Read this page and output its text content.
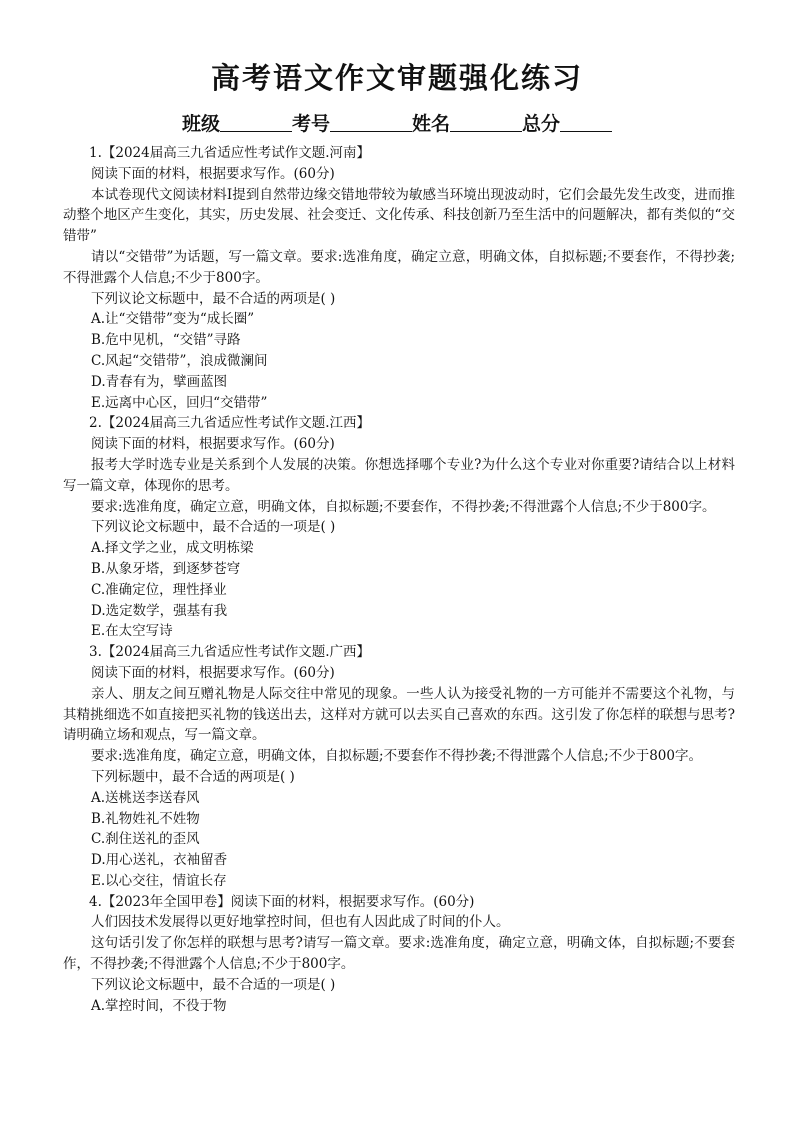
高考语文作文审题强化练习
班级	考号	姓名	总分
1.【2024届高三九省适应性考试作文题.河南】
阅读下面的材料，根据要求写作。(60分)
本试卷现代文阅读材料Ⅰ提到自然带边缘交错地带较为敏感当环境出现波动时，它们会最先发生改变，进而推动整个地区产生变化，其实，历史发展、社会变迁、文化传承、科技创新乃至生活中的问题解决，都有类似的“交错带”
请以“交错带”为话题，写一篇文章。要求:选准角度，确定立意，明确文体，自拟标题;不要套作，不得抄袭;不得泄露个人信息;不少于800字。
下列议论文标题中，最不合适的两项是( )
A.让“交错带”变为“成长圈”
B.危中见机，“交错”寻路
C.风起“交错带”，浪成微澜间
D.青春有为，擘画蓝图
E.远离中心区，回归“交错带”
2.【2024届高三九省适应性考试作文题.江西】
阅读下面的材料，根据要求写作。(60分)
报考大学时选专业是关系到个人发展的决策。你想选择哪个专业?为什么这个专业对你重要?请结合以上材料写一篇文章，体现你的思考。
要求:选准角度，确定立意，明确文体，自拟标题;不要套作，不得抄袭;不得泄露个人信息;不少于800字。
下列议论文标题中，最不合适的一项是( )
A.择文学之业，成文明栋梁
B.从象牙塔，到逐梦苍穹
C.准确定位，理性择业
D.选定数学，强基有我
E.在太空写诗
3.【2024届高三九省适应性考试作文题.广西】
阅读下面的材料，根据要求写作。(60分)
亲人、朋友之间互赠礼物是人际交往中常见的现象。一些人认为接受礼物的一方可能并不需要这个礼物，与其精挑细选不如直接把买礼物的钱送出去，这样对方就可以去买自己喜欢的东西。这引发了你怎样的联想与思考?请明确立场和观点，写一篇文章。
要求:选准角度，确定立意，明确文体，自拟标题;不要套作不得抄袭;不得泄露个人信息;不少于800字。
下列标题中，最不合适的两项是( )
A.送桃送李送春风
B.礼物姓礼不姓物
C.刹住送礼的歪风
D.用心送礼，衣袖留香
E.以心交往，情谊长存
4.【2023年全国甲卷】阅读下面的材料，根据要求写作。(60分)
人们因技术发展得以更好地掌控时间，但也有人因此成了时间的仆人。
这句话引发了你怎样的联想与思考?请写一篇文章。要求:选准角度，确定立意，明确文体，自拟标题;不要套作，不得抄袭;不得泄露个人信息;不少于800字。
下列议论文标题中，最不合适的一项是( )
A.掌控时间，不役于物
